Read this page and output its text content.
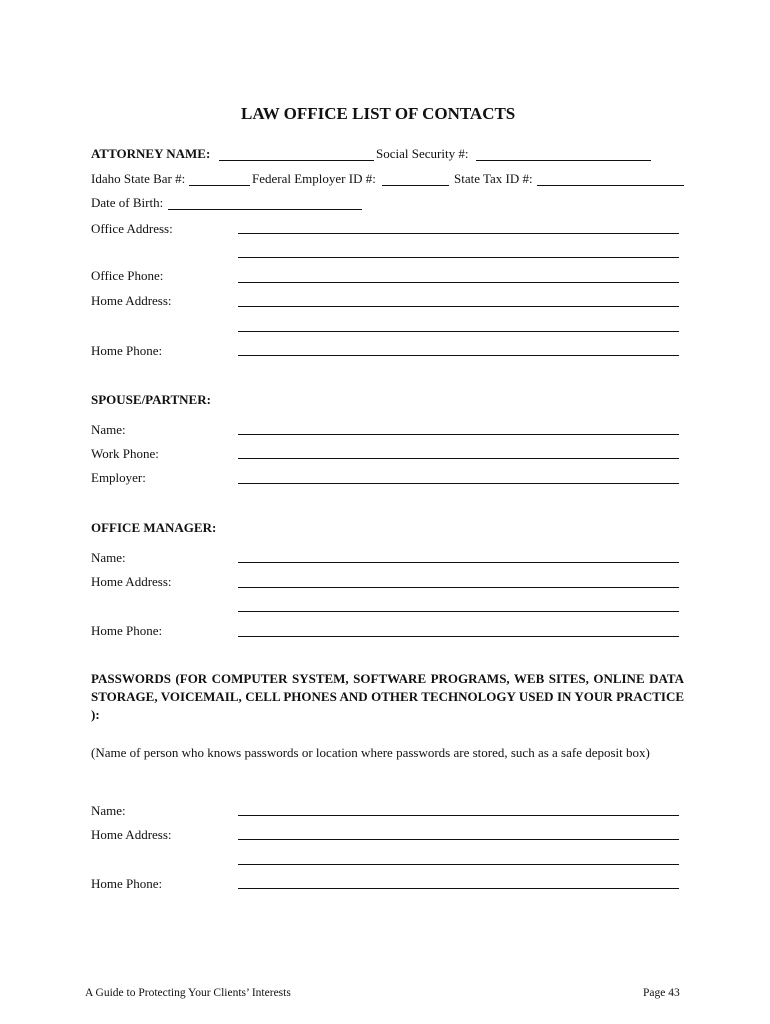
LAW OFFICE LIST OF CONTACTS
ATTORNEY NAME:	Social Security #:
Idaho State Bar #:	Federal Employer ID #:	State Tax ID #:
Date of Birth:
Office Address:
Office Phone:
Home Address:
Home Phone:
SPOUSE/PARTNER:
Name:
Work Phone:
Employer:
OFFICE MANAGER:
Name:
Home Address:
Home Phone:
PASSWORDS (FOR COMPUTER SYSTEM, SOFTWARE PROGRAMS, WEB SITES, ONLINE DATA STORAGE, VOICEMAIL, CELL PHONES AND OTHER TECHNOLOGY USED IN YOUR PRACTICE ):
(Name of person who knows passwords or location where passwords are stored, such as a safe deposit box)
Name:
Home Address:
Home Phone:
A Guide to Protecting Your Clients’ Interests	Page 43
